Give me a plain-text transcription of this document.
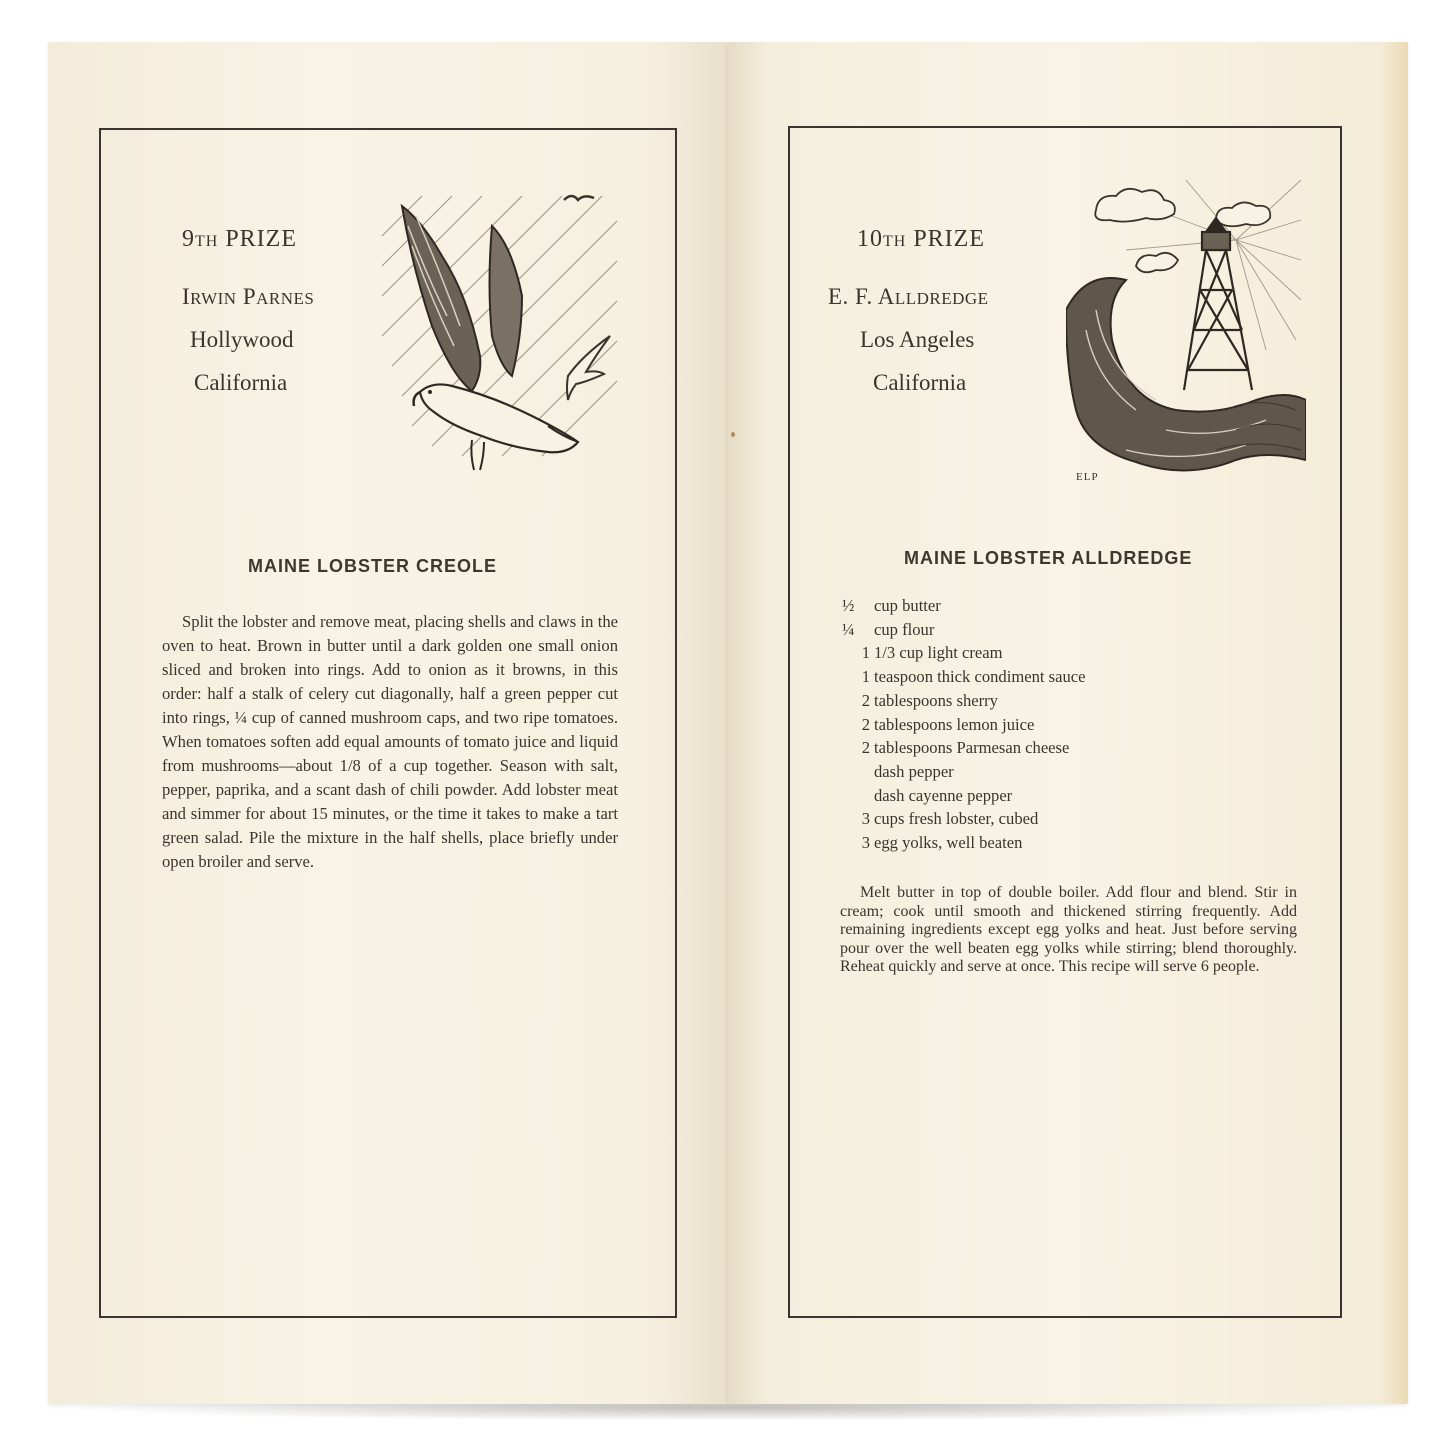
9TH PRIZE
IRWIN PARNES
Hollywood
California
MAINE LOBSTER CREOLE
Split the lobster and remove meat, placing shells and claws in the oven to heat. Brown in butter until a dark golden one small onion sliced and broken into rings. Add to onion as it browns, in this order: half a stalk of celery cut diagonally, half a green pepper cut into rings, ¼ cup of canned mushroom caps, and two ripe tomatoes. When tomatoes soften add equal amounts of tomato juice and liquid from mushrooms—about 1/8 of a cup together. Season with salt, pepper, paprika, and a scant dash of chili powder. Add lobster meat and simmer for about 15 minutes, or the time it takes to make a tart green salad. Pile the mixture in the half shells, place briefly under open broiler and serve.
10TH PRIZE
E. F. ALLDREDGE
Los Angeles
California
ELP
MAINE LOBSTER ALLDREDGE
½ cup butter
¼ cup flour
1 1/3 cup light cream
1 teaspoon thick condiment sauce
2 tablespoons sherry
2 tablespoons lemon juice
2 tablespoons Parmesan cheese
dash pepper
dash cayenne pepper
3 cups fresh lobster, cubed
3 egg yolks, well beaten
Melt butter in top of double boiler. Add flour and blend. Stir in cream; cook until smooth and thickened stirring frequently. Add remaining ingredients except egg yolks and heat. Just before serving pour over the well beaten egg yolks while stirring; blend thoroughly. Reheat quickly and serve at once. This recipe will serve 6 people.
